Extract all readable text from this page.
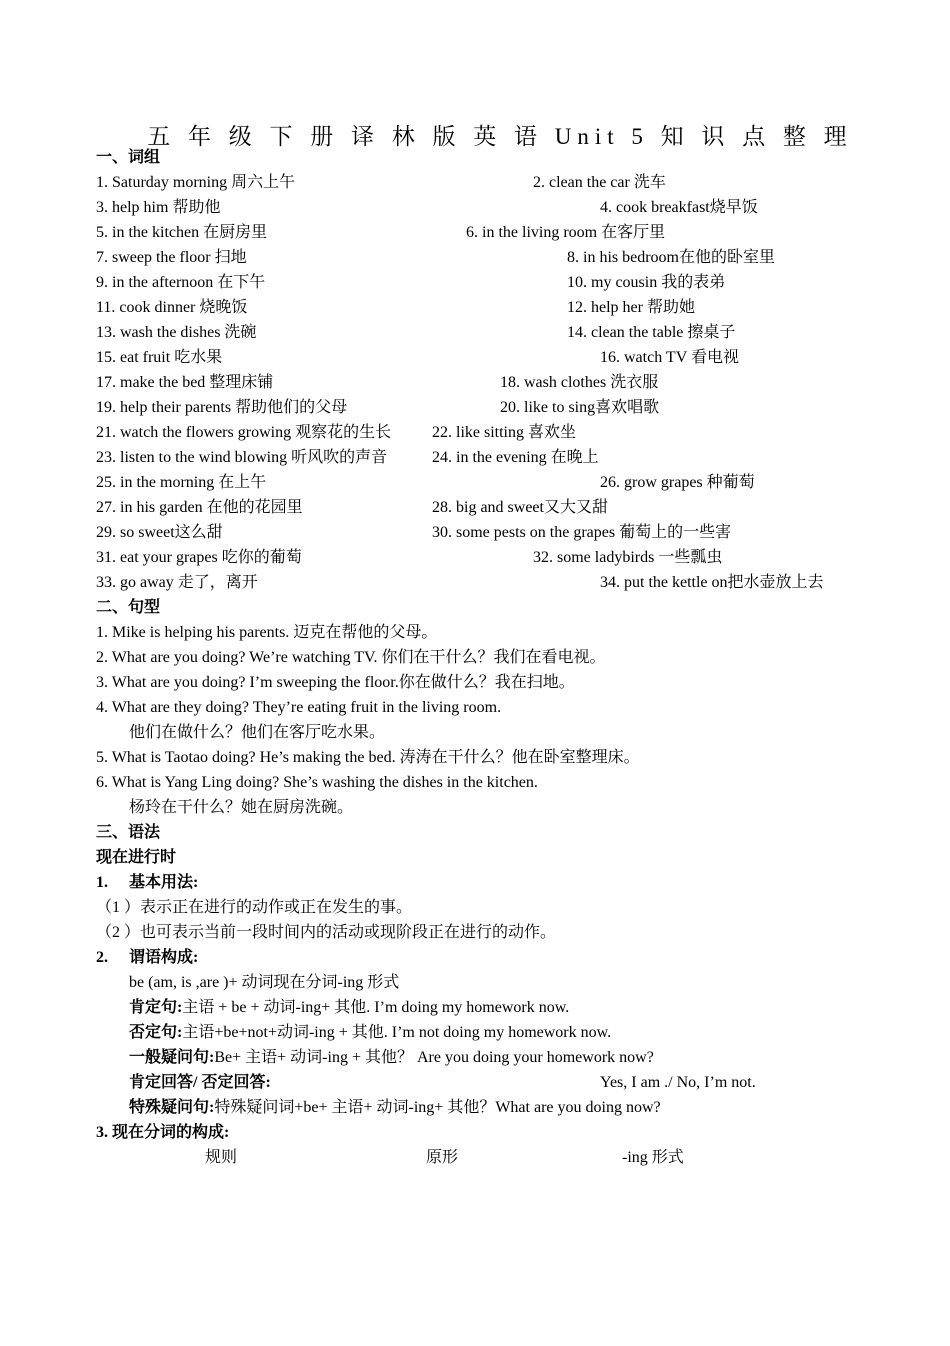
五 年 级 下 册 译 林 版 英 语 Unit 5 知 识 点 整 理
一、词组
1. Saturday morning 周六上午	2. clean the car 洗车
3. help him 帮助他	4. cook breakfast烧早饭
5. in the kitchen 在厨房里	6. in the living room 在客厅里
7. sweep the floor 扫地	8. in his bedroom在他的卧室里
9. in the afternoon 在下午	10. my cousin 我的表弟
11. cook dinner 烧晚饭	12. help her 帮助她
13. wash the dishes 洗碗	14. clean the table 擦桌子
15. eat fruit 吃水果	16. watch TV 看电视
17. make the bed 整理床铺	18. wash clothes 洗衣服
19. help their parents 帮助他们的父母	20. like to sing喜欢唱歌
21. watch the flowers growing 观察花的生长	22. like sitting 喜欢坐
23. listen to the wind blowing 听风吹的声音	24. in the evening 在晚上
25. in the morning 在上午	26. grow grapes 种葡萄
27. in his garden 在他的花园里	28. big and sweet又大又甜
29. so sweet这么甜	30. some pests on the grapes 葡萄上的一些害
31. eat your grapes 吃你的葡萄	32. some ladybirds 一些瓢虫
33. go away 走了，离开	34. put the kettle on把水壶放上去
二、句型
1. Mike is helping his parents. 迈克在帮他的父母。
2. What are you doing? We’re watching TV. 你们在干什么？我们在看电视。
3. What are you doing? I’m sweeping the floor.你在做什么？我在扫地。
4. What are they doing? They’re eating fruit in the living room.
他们在做什么？他们在客厅吃水果。
5. What is Taotao doing? He’s making the bed. 涛涛在干什么？他在卧室整理床。
6. What is Yang Ling doing? She’s washing the dishes in the kitchen.
杨玲在干什么？她在厨房洗碗。
三、语法
现在进行时
1. 基本用法:
（1 ）表示正在进行的动作或正在发生的事。
（2 ）也可表示当前一段时间内的活动或现阶段正在进行的动作。
2. 谓语构成:
be (am, is ,are )+ 动词现在分词-ing 形式
肯定句:主语 + be + 动词-ing+ 其他. I’m doing my homework now.
否定句:主语+be+not+动词-ing + 其他. I’m not doing my homework now.
一般疑问句:Be+ 主语+ 动词-ing + 其他？ Are you doing your homework now?
肯定回答/ 否定回答:	Yes, I am ./ No, I’m not.
特殊疑问句:特殊疑问词+be+ 主语+ 动词-ing+ 其他？What are you doing now?
3. 现在分词的构成:
规则	原形	-ing 形式
